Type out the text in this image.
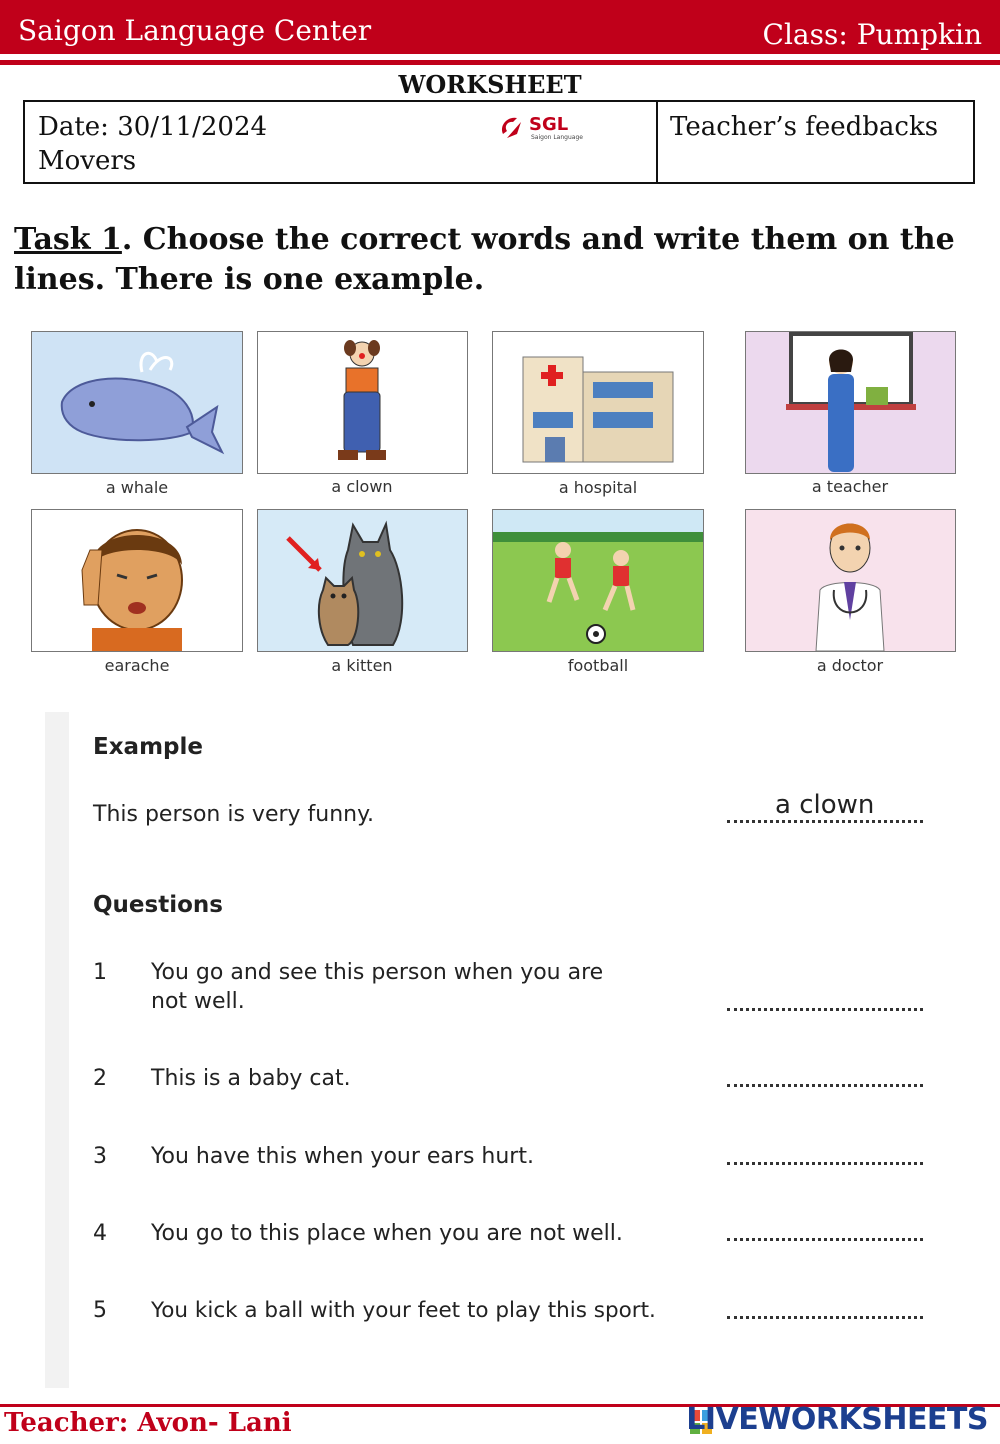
Saigon Language Center	Class: Pumpkin
WORKSHEET
Date: 30/11/2024
Movers
SGL
Saigon Language	Teacher’s feedbacks
Task 1. Choose the correct words and write them on the lines. There is one example.
a whale	a clown	a hospital	a teacher
earache	a kitten	football	a doctor
Example
This person is very funny.	a clown
Questions
1 You go and see this person when you are not well.
2 This is a baby cat.
3 You have this when your ears hurt.
4 You go to this place when you are not well.
5 You kick a ball with your feet to play this sport.
Teacher: Avon- Lani	LIVEWORKSHEETS
